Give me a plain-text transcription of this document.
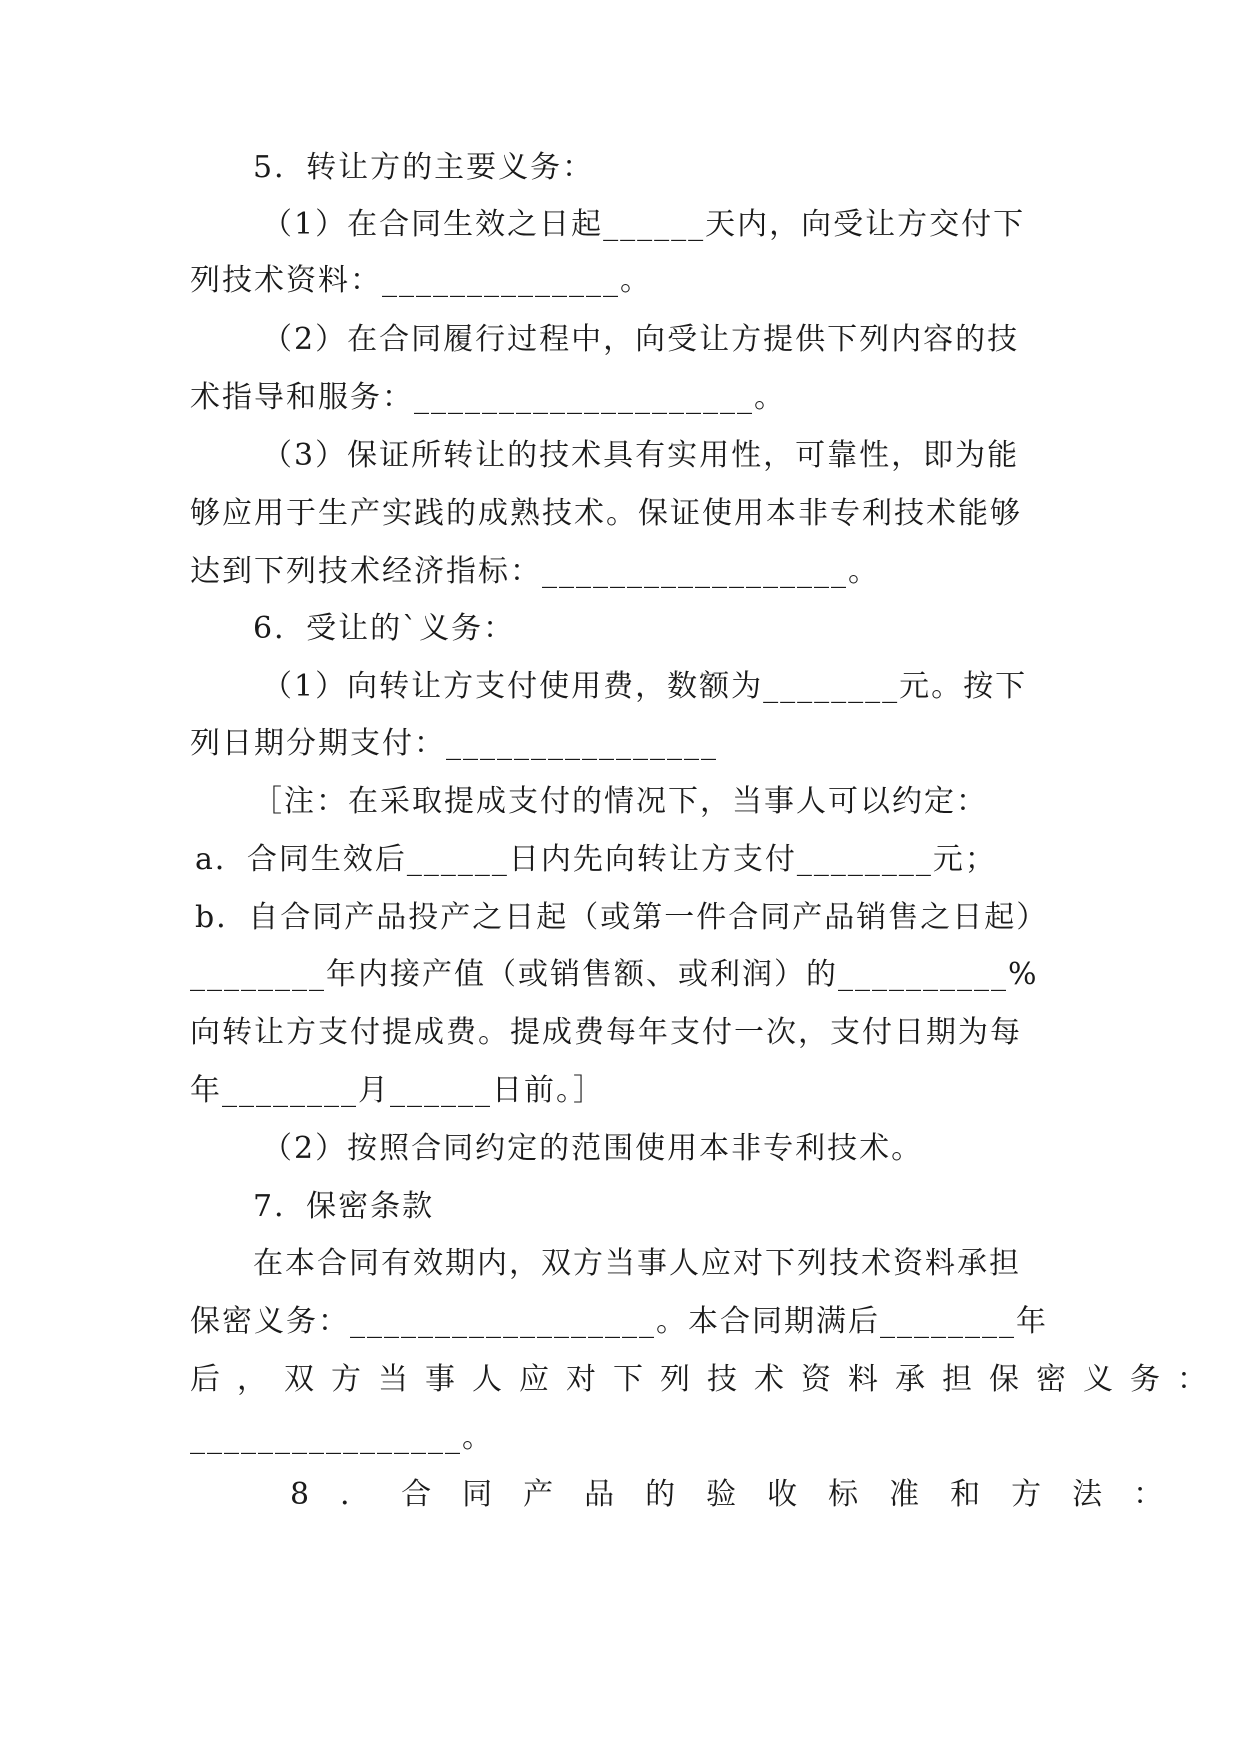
5．转让方的主要义务：
（1）在合同生效之日起______天内，向受让方交付下
列技术资料：______________。
（2）在合同履行过程中，向受让方提供下列内容的技
术指导和服务：____________________。
（3）保证所转让的技术具有实用性，可靠性，即为能
够应用于生产实践的成熟技术。保证使用本非专利技术能够
达到下列技术经济指标：__________________。
6．受让的`义务：
（1）向转让方支付使用费，数额为________元。按下
列日期分期支付：________________
［注：在采取提成支付的情况下，当事人可以约定：
a．合同生效后______日内先向转让方支付________元；
b．自合同产品投产之日起（或第一件合同产品销售之日起）
________年内接产值（或销售额、或利润）的__________%
向转让方支付提成费。提成费每年支付一次，支付日期为每
年________月______日前。］
（2）按照合同约定的范围使用本非专利技术。
7．保密条款
在本合同有效期内，双方当事人应对下列技术资料承担
保密义务：__________________。本合同期满后________年
后，双方当事人应对下列技术资料承担保密义务：
________________。
8．合同产品的验收标准和方法：
